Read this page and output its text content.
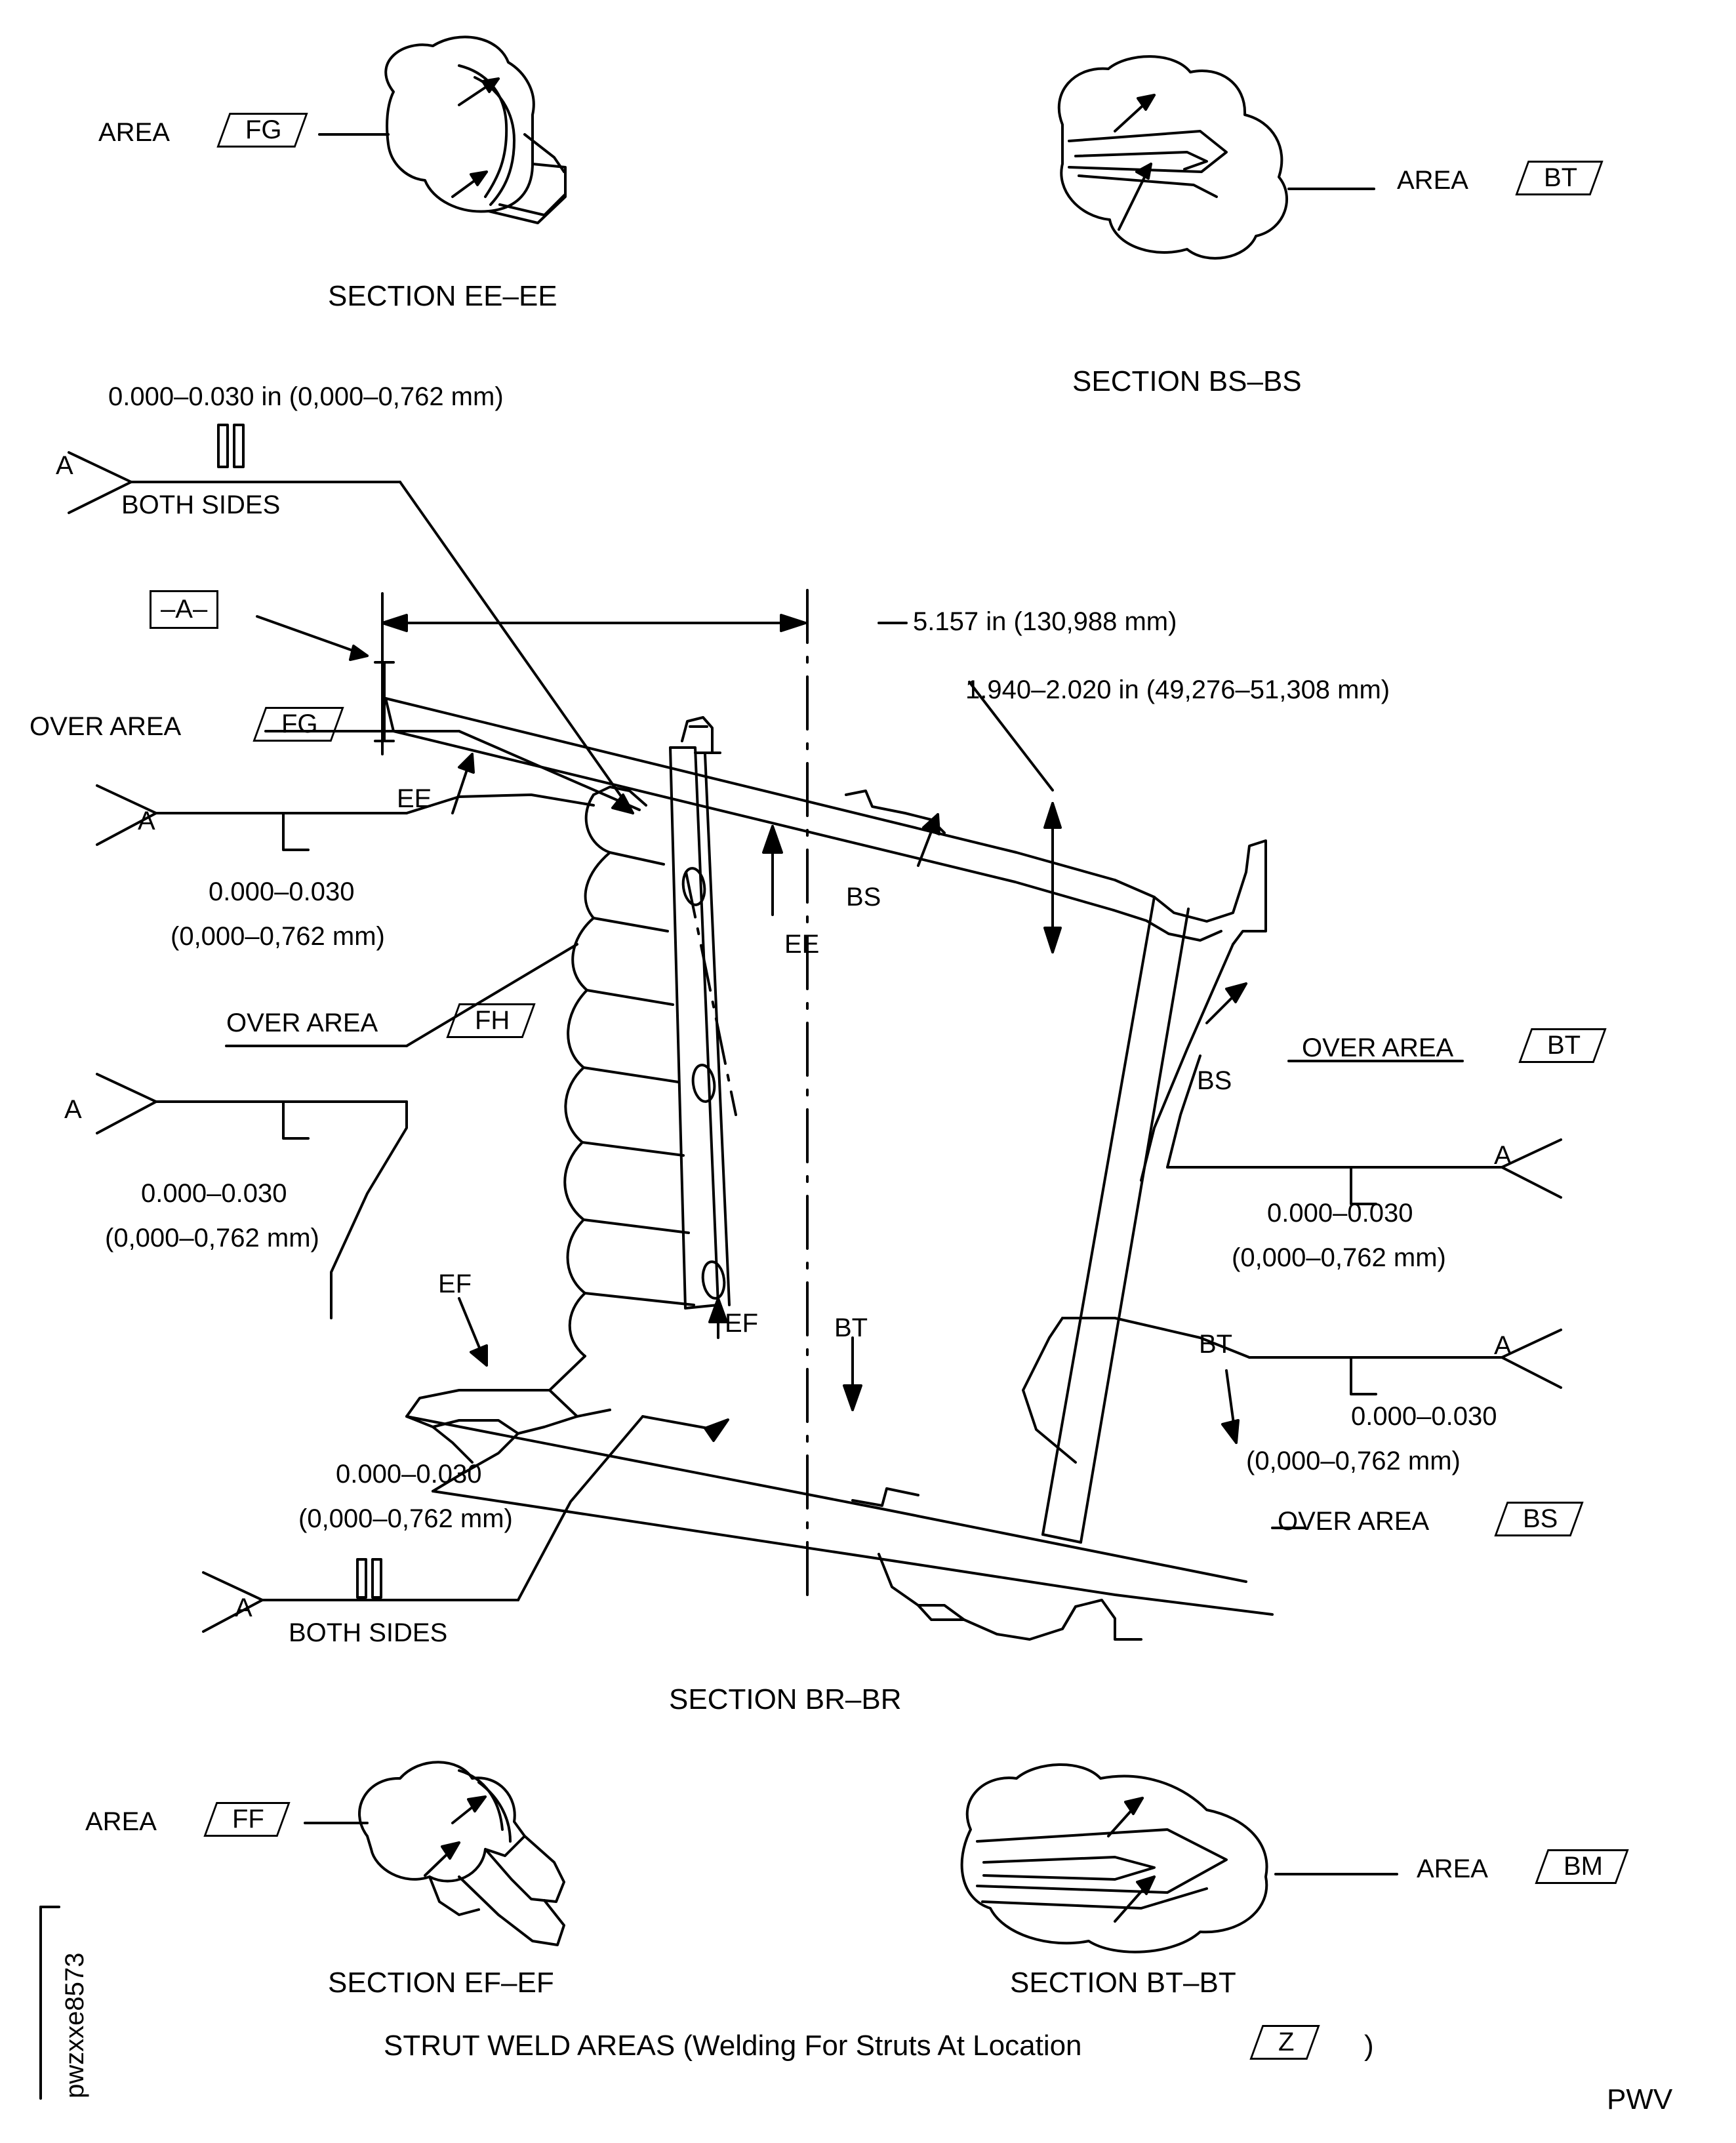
AREA	FG
SECTION EE–EE
AREA	BT
SECTION BS–BS
0.000–0.030 in (0,000–0,762 mm)
A
BOTH SIDES
–A–	5.157 in (130,988 mm)
1.940–2.020 in (49,276–51,308 mm)
OVER AREA	FG
A
EE
0.000–0.030
(0,000–0,762 mm)
BS
EE
BS
OVER AREA	FH
A
0.000–0.030
(0,000–0,762 mm)
OVER AREA	BT
A
0.000–0.030
(0,000–0,762 mm)
EF
EF	BT
BT	A
0.000–0.030
(0,000–0,762 mm)
OVER AREA	BS
0.000–0.030
(0,000–0,762 mm)
A
BOTH SIDES
SECTION BR–BR
AREA	FF
SECTION EF–EF
AREA	BM
SECTION BT–BT
STRUT WELD AREAS (Welding For Struts At Location	Z	)
pwzxxe8573
PWV
